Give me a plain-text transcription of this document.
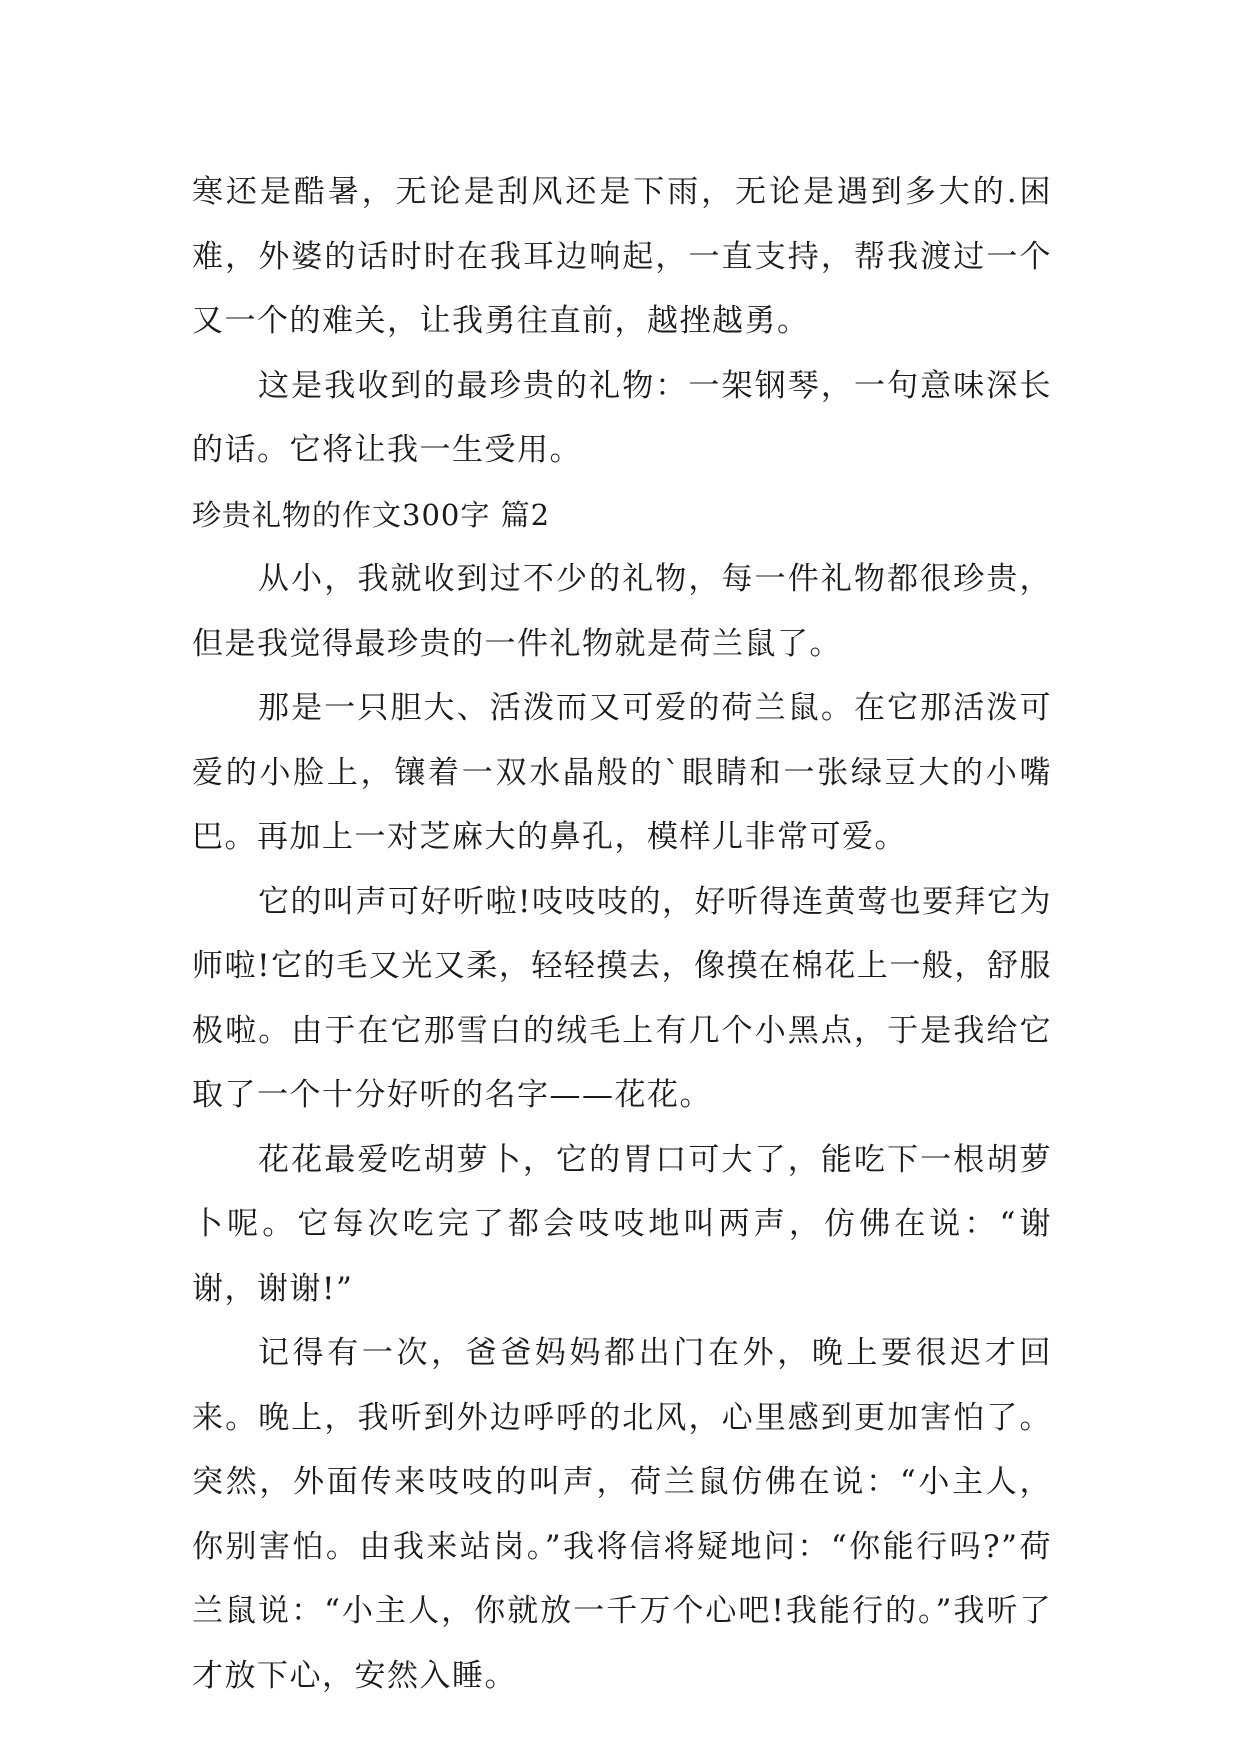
寒还是酷暑，无论是刮风还是下雨，无论是遇到多大的.困难，外婆的话时时在我耳边响起，一直支持，帮我渡过一个又一个的难关，让我勇往直前，越挫越勇。

这是我收到的最珍贵的礼物：一架钢琴，一句意味深长的话。它将让我一生受用。

珍贵礼物的作文300字 篇2

从小，我就收到过不少的礼物，每一件礼物都很珍贵，但是我觉得最珍贵的一件礼物就是荷兰鼠了。

那是一只胆大、活泼而又可爱的荷兰鼠。在它那活泼可爱的小脸上，镶着一双水晶般的`眼睛和一张绿豆大的小嘴巴。再加上一对芝麻大的鼻孔，模样儿非常可爱。

它的叫声可好听啦!吱吱吱的，好听得连黄莺也要拜它为师啦!它的毛又光又柔，轻轻摸去，像摸在棉花上一般，舒服极啦。由于在它那雪白的绒毛上有几个小黑点，于是我给它取了一个十分好听的名字——花花。

花花最爱吃胡萝卜，它的胃口可大了，能吃下一根胡萝卜呢。它每次吃完了都会吱吱地叫两声，仿佛在说：“谢谢，谢谢!”

记得有一次，爸爸妈妈都出门在外，晚上要很迟才回来。晚上，我听到外边呼呼的北风，心里感到更加害怕了。突然，外面传来吱吱的叫声，荷兰鼠仿佛在说：“小主人，你别害怕。由我来站岗。”我将信将疑地问：“你能行吗?”荷兰鼠说：“小主人，你就放一千万个心吧!我能行的。”我听了才放下心，安然入睡。
